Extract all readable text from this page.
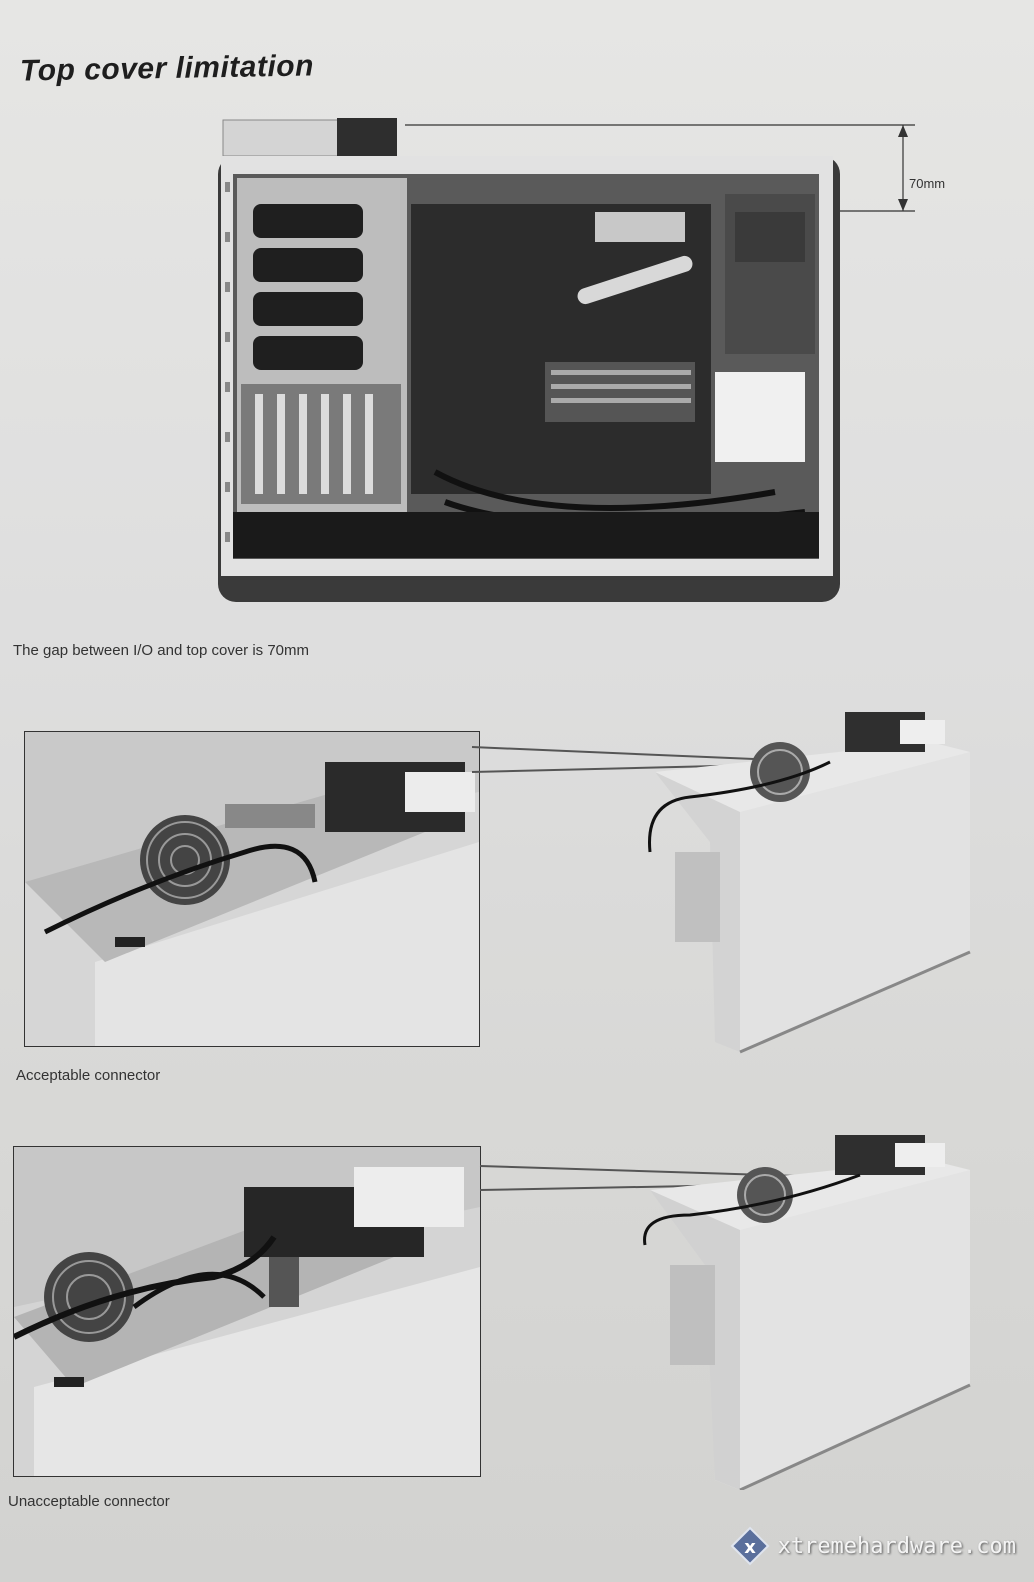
Top cover limitation
70mm
The gap between I/O and top cover is 70mm
Acceptable connector
Unacceptable connector
x xtremehardware.com
